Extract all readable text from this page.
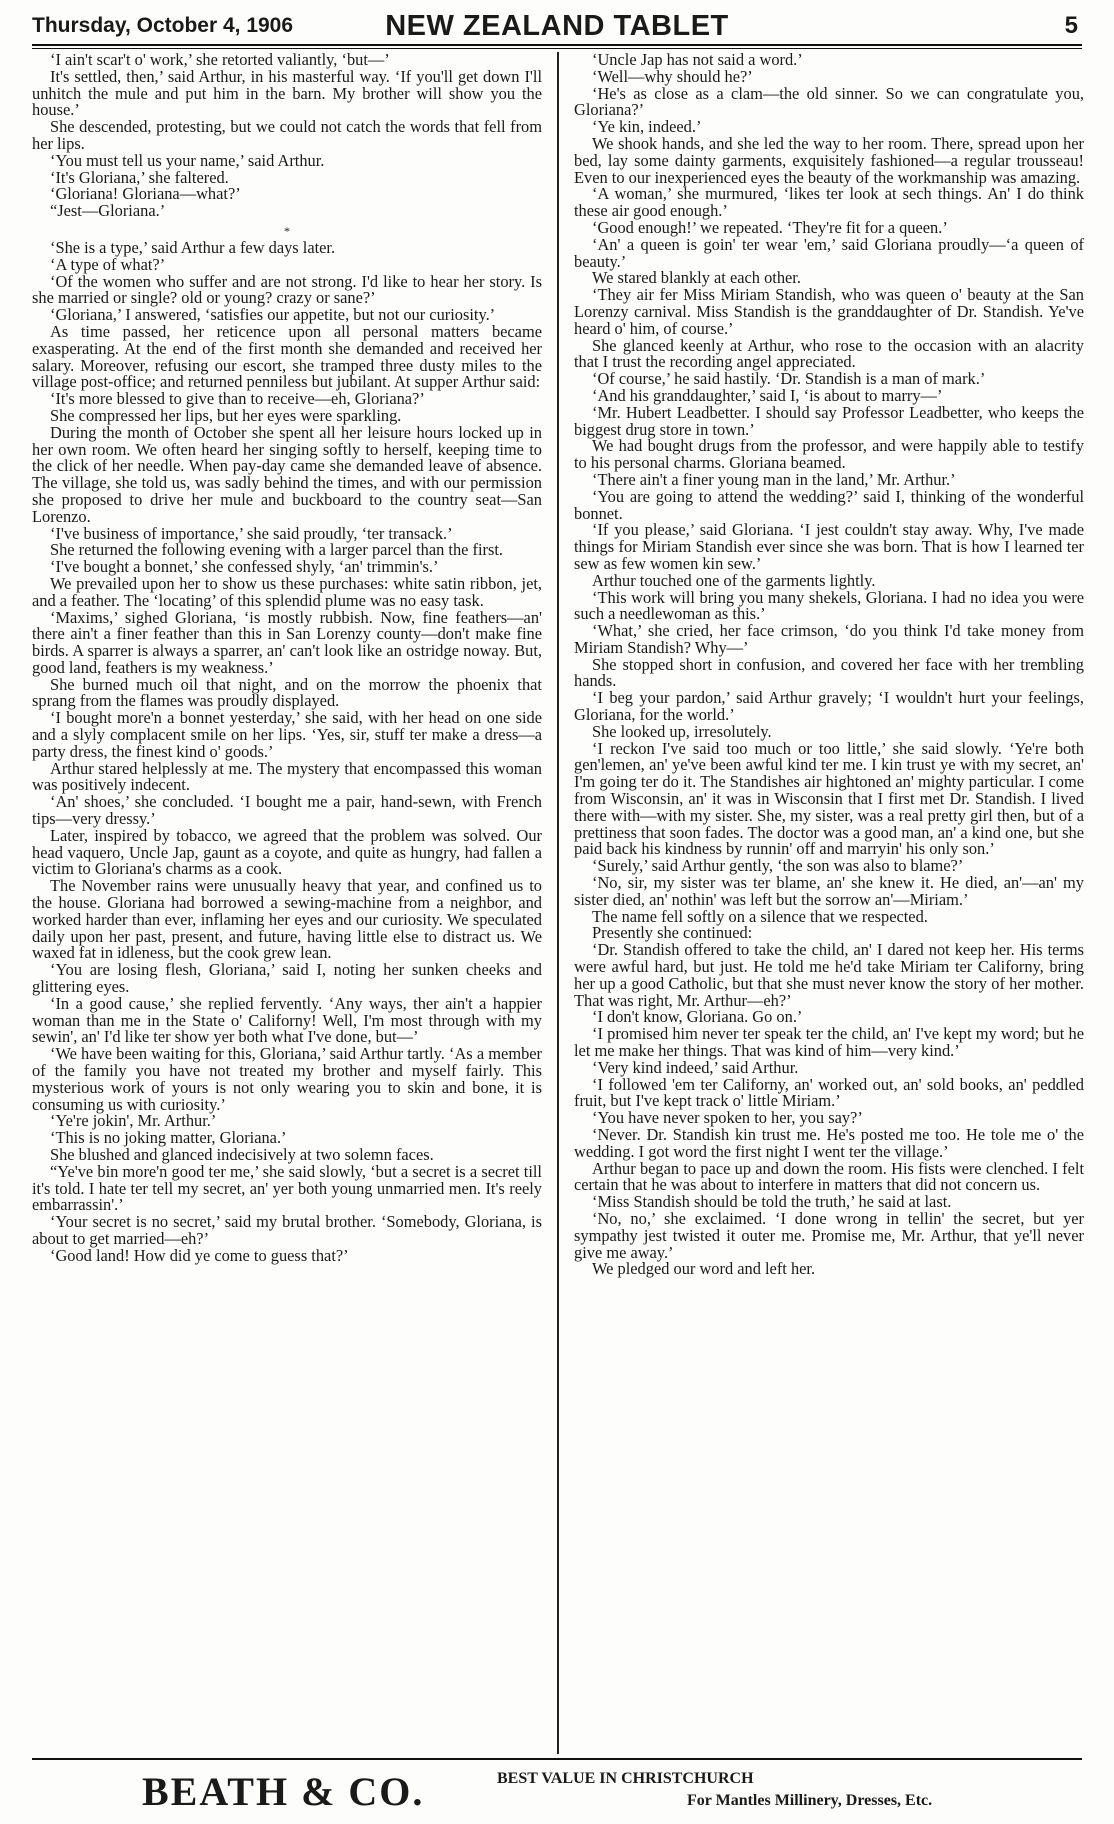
Thursday, October 4, 1906	NEW ZEALAND TABLET	5

‘I ain't scar't o' work,’ she retorted valiantly, ‘but—’

It's settled, then,’ said Arthur, in his masterful way. ‘If you'll get down I'll unhitch the mule and put him in the barn. My brother will show you the house.’

She descended, protesting, but we could not catch the words that fell from her lips.

‘You must tell us your name,’ said Arthur.

‘It's Gloriana,’ she faltered.

‘Gloriana! Gloriana—what?’

“Jest—Gloriana.’

*

‘She is a type,’ said Arthur a few days later.

‘A type of what?’

‘Of the women who suffer and are not strong. I'd like to hear her story. Is she married or single? old or young? crazy or sane?’

‘Gloriana,’ I answered, ‘satisfies our appetite, but not our curiosity.’

As time passed, her reticence upon all personal matters became exasperating. At the end of the first month she demanded and received her salary. Moreover, refusing our escort, she tramped three dusty miles to the village post-office; and returned penniless but jubilant. At supper Arthur said:

‘It's more blessed to give than to receive—eh, Gloriana?’

She compressed her lips, but her eyes were sparkling.

During the month of October she spent all her leisure hours locked up in her own room. We often heard her singing softly to herself, keeping time to the click of her needle. When pay-day came she demanded leave of absence. The village, she told us, was sadly behind the times, and with our permission she proposed to drive her mule and buckboard to the country seat—San Lorenzo.

‘I've business of importance,’ she said proudly, ‘ter transack.’

She returned the following evening with a larger parcel than the first.

‘I've bought a bonnet,’ she confessed shyly, ‘an' trimmin's.’

We prevailed upon her to show us these purchases: white satin ribbon, jet, and a feather. The ‘locating’ of this splendid plume was no easy task.

‘Maxims,’ sighed Gloriana, ‘is mostly rubbish. Now, fine feathers—an' there ain't a finer feather than this in San Lorenzy county—don't make fine birds. A sparrer is always a sparrer, an' can't look like an ostridge noway. But, good land, feathers is my weakness.’

She burned much oil that night, and on the morrow the phoenix that sprang from the flames was proudly displayed.

‘I bought more'n a bonnet yesterday,’ she said, with her head on one side and a slyly complacent smile on her lips. ‘Yes, sir, stuff ter make a dress—a party dress, the finest kind o' goods.’

Arthur stared helplessly at me. The mystery that encompassed this woman was positively indecent.

‘An' shoes,’ she concluded. ‘I bought me a pair, hand-sewn, with French tips—very dressy.’

Later, inspired by tobacco, we agreed that the problem was solved. Our head vaquero, Uncle Jap, gaunt as a coyote, and quite as hungry, had fallen a victim to Gloriana's charms as a cook.

The November rains were unusually heavy that year, and confined us to the house. Gloriana had borrowed a sewing-machine from a neighbor, and worked harder than ever, inflaming her eyes and our curiosity. We speculated daily upon her past, present, and future, having little else to distract us. We waxed fat in idleness, but the cook grew lean.

‘You are losing flesh, Gloriana,’ said I, noting her sunken cheeks and glittering eyes.

‘In a good cause,’ she replied fervently. ‘Any ways, ther ain't a happier woman than me in the State o' Californy! Well, I'm most through with my sewin', an' I'd like ter show yer both what I've done, but—’

‘We have been waiting for this, Gloriana,’ said Arthur tartly. ‘As a member of the family you have not treated my brother and myself fairly. This mysterious work of yours is not only wearing you to skin and bone, it is consuming us with curiosity.’

‘Ye're jokin', Mr. Arthur.’

‘This is no joking matter, Gloriana.’

She blushed and glanced indecisively at two solemn faces.

“Ye've bin more'n good ter me,’ she said slowly, ‘but a secret is a secret till it's told. I hate ter tell my secret, an' yer both young unmarried men. It's reely embarrassin'.’

‘Your secret is no secret,’ said my brutal brother. ‘Somebody, Gloriana, is about to get married—eh?’

‘Good land! How did ye come to guess that?’

‘Uncle Jap has not said a word.’

‘Well—why should he?’

‘He's as close as a clam—the old sinner. So we can congratulate you, Gloriana?’

‘Ye kin, indeed.’

We shook hands, and she led the way to her room. There, spread upon her bed, lay some dainty garments, exquisitely fashioned—a regular trousseau! Even to our inexperienced eyes the beauty of the workmanship was amazing.

‘A woman,’ she murmured, ‘likes ter look at sech things. An' I do think these air good enough.’

‘Good enough!’ we repeated. ‘They're fit for a queen.’

‘An' a queen is goin' ter wear 'em,’ said Gloriana proudly—‘a queen of beauty.’

We stared blankly at each other.

‘They air fer Miss Miriam Standish, who was queen o' beauty at the San Lorenzy carnival. Miss Standish is the granddaughter of Dr. Standish. Ye've heard o' him, of course.’

She glanced keenly at Arthur, who rose to the occasion with an alacrity that I trust the recording angel appreciated.

‘Of course,’ he said hastily. ‘Dr. Standish is a man of mark.’

‘And his granddaughter,’ said I, ‘is about to marry—’

‘Mr. Hubert Leadbetter. I should say Professor Leadbetter, who keeps the biggest drug store in town.’

We had bought drugs from the professor, and were happily able to testify to his personal charms. Gloriana beamed.

‘There ain't a finer young man in the land,’ Mr. Arthur.’

‘You are going to attend the wedding?’ said I, thinking of the wonderful bonnet.

‘If you please,’ said Gloriana. ‘I jest couldn't stay away. Why, I've made things for Miriam Standish ever since she was born. That is how I learned ter sew as few women kin sew.’

Arthur touched one of the garments lightly.

‘This work will bring you many shekels, Gloriana. I had no idea you were such a needlewoman as this.’

‘What,’ she cried, her face crimson, ‘do you think I'd take money from Miriam Standish? Why—’

She stopped short in confusion, and covered her face with her trembling hands.

‘I beg your pardon,’ said Arthur gravely; ‘I wouldn't hurt your feelings, Gloriana, for the world.’

She looked up, irresolutely.

‘I reckon I've said too much or too little,’ she said slowly. ‘Ye're both gen'lemen, an' ye've been awful kind ter me. I kin trust ye with my secret, an' I'm going ter do it. The Standishes air hightoned an' mighty particular. I come from Wisconsin, an' it was in Wisconsin that I first met Dr. Standish. I lived there with—with my sister. She, my sister, was a real pretty girl then, but of a prettiness that soon fades. The doctor was a good man, an' a kind one, but she paid back his kindness by runnin' off and marryin' his only son.’

‘Surely,’ said Arthur gently, ‘the son was also to blame?’

‘No, sir, my sister was ter blame, an' she knew it. He died, an'—an' my sister died, an' nothin' was left but the sorrow an'—Miriam.’

The name fell softly on a silence that we respected.

Presently she continued:

‘Dr. Standish offered to take the child, an' I dared not keep her. His terms were awful hard, but just. He told me he'd take Miriam ter Californy, bring her up a good Catholic, but that she must never know the story of her mother. That was right, Mr. Arthur—eh?’

‘I don't know, Gloriana. Go on.’

‘I promised him never ter speak ter the child, an' I've kept my word; but he let me make her things. That was kind of him—very kind.’

‘Very kind indeed,’ said Arthur.

‘I followed 'em ter Californy, an' worked out, an' sold books, an' peddled fruit, but I've kept track o' little Miriam.’

‘You have never spoken to her, you say?’

‘Never. Dr. Standish kin trust me. He's posted me too. He tole me o' the wedding. I got word the first night I went ter the village.’

Arthur began to pace up and down the room. His fists were clenched. I felt certain that he was about to interfere in matters that did not concern us.

‘Miss Standish should be told the truth,’ he said at last.

‘No, no,’ she exclaimed. ‘I done wrong in tellin' the secret, but yer sympathy jest twisted it outer me. Promise me, Mr. Arthur, that ye'll never give me away.’

We pledged our word and left her.

BEATH & CO.	BEST VALUE IN CHRISTCHURCH
For Mantles Millinery, Dresses, Etc.
